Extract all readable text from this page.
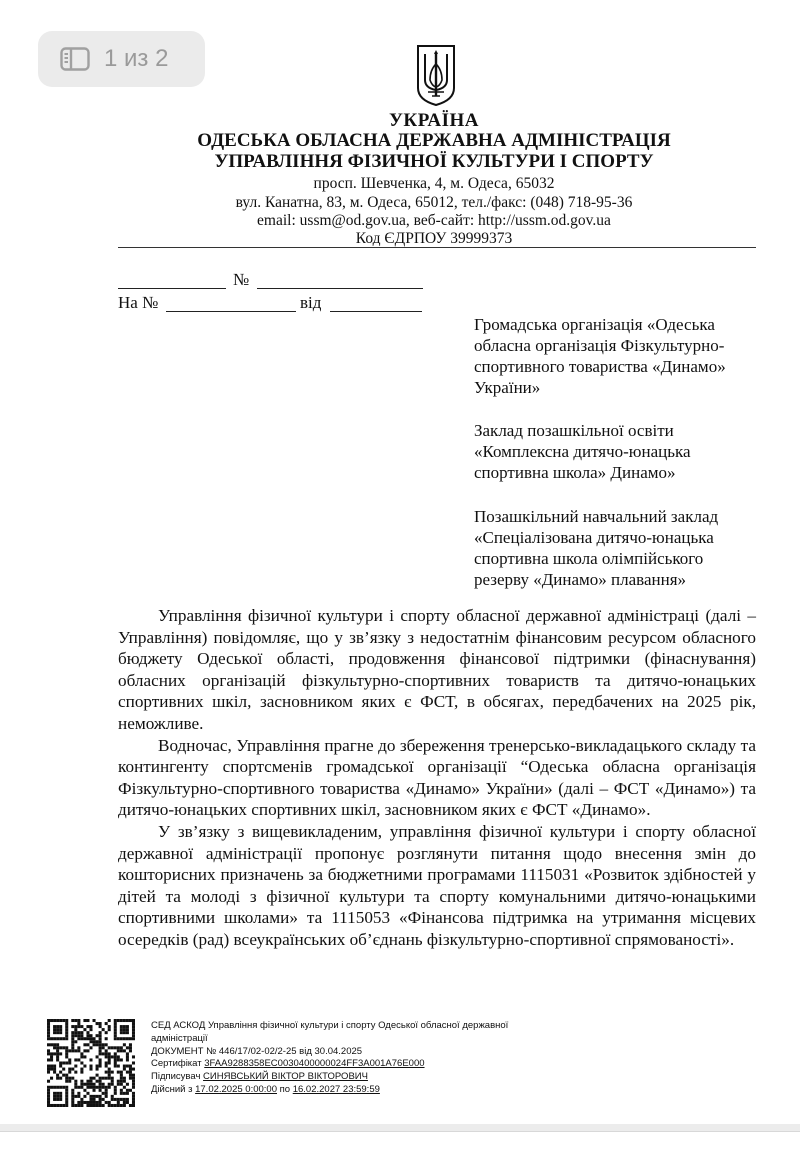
УКРАЇНА
ОДЕСЬКА ОБЛАСНА ДЕРЖАВНА АДМІНІСТРАЦІЯ
УПРАВЛІННЯ ФІЗИЧНОЇ КУЛЬТУРИ І СПОРТУ
просп. Шевченка, 4, м. Одеса, 65032
вул. Канатна, 83, м. Одеса, 65012, тел./факс: (048) 718-95-36
email: ussm@od.gov.ua, веб-сайт: http://ussm.od.gov.ua
Код ЄДРПОУ 39999373
№
На №	від
Громадська організація «Одеська
обласна організація Фізкультурно-
спортивного товариства «Динамо»
України»
Заклад позашкільної освіти
«Комплексна дитячо-юнацька
спортивна школа» Динамо»
Позашкільний навчальний заклад
«Спеціалізована дитячо-юнацька
спортивна школа олімпійського
резерву «Динамо» плавання»

Управління фізичної культури і спорту обласної державної адміністраці (далі – Управління) повідомляє, що у зв’язку з недостатнім фінансовим ресурсом обласного бюджету Одеської області, продовження фінансової підтримки (фінаснування) обласних організацій фізкультурно-спортивних товариств та дитячо-юнацьких спортивних шкіл, засновником яких є ФСТ, в обсягах, передбачених на 2025 рік, неможливе.

Водночас, Управління прагне до збереження тренерсько-викладацького складу та контингенту спортсменів громадської організації “Одеська обласна організація Фізкультурно-спортивного товариства «Динамо» України» (далі – ФСТ «Динамо») та дитячо-юнацьких спортивних шкіл, засновником яких є ФСТ «Динамо».

У зв’язку з вищевикладеним, управління фізичної культури і спорту обласної державної адміністрації пропонує розглянути питання щодо внесення змін до кошторисних призначень за бюджетними програмами 1115031 «Розвиток здібностей у дітей та молоді з фізичної культури та спорту комунальними дитячо-юнацькими спортивними школами» та 1115053 «Фінансова підтримка на утримання місцевих осередків (рад) всеукраїнських об’єднань фізкультурно-спортивної спрямованості».

СЕД АСКОД Управління фізичної культури і спорту Одеської обласної державної
адміністрації
ДОКУМЕНТ № 446/17/02-02/2-25 від 30.04.2025
Сертифікат 3FAA9288358EC0030400000024FF3A001A76E000
Підписувач СИНЯВСЬКИЙ ВІКТОР ВІКТОРОВИЧ
Дійсний з 17.02.2025 0:00:00 по 16.02.2027 23:59:59
1 из 2
